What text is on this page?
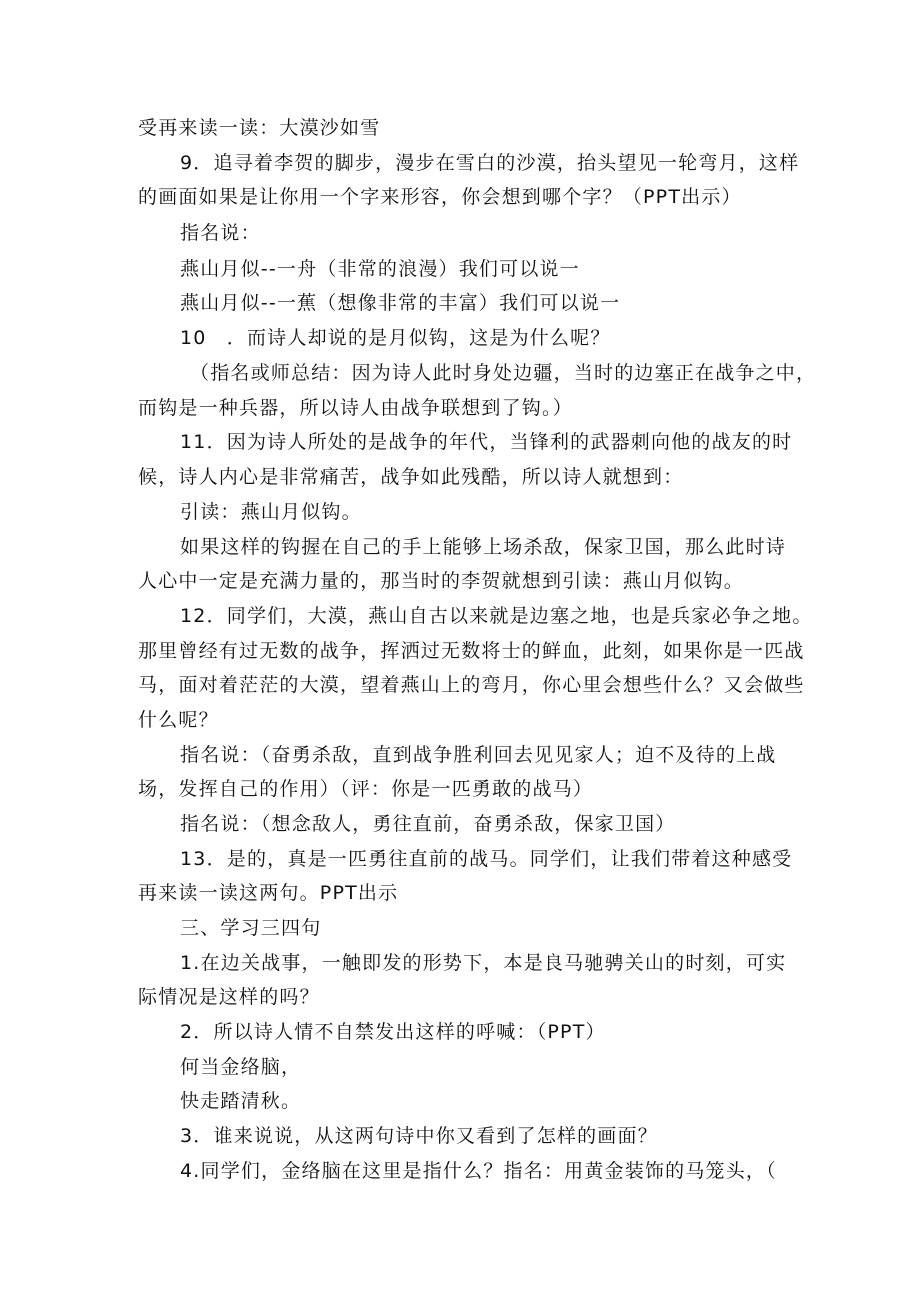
受再来读一读：大漠沙如雪
9．追寻着李贺的脚步，漫步在雪白的沙漠，抬头望见一轮弯月，这样
的画面如果是让你用一个字来形容，你会想到哪个字？（PPT出示）
指名说：
燕山月似--一舟（非常的浪漫）我们可以说一
燕山月似--一蕉（想像非常的丰富）我们可以说一
10　．而诗人却说的是月似钩，这是为什么呢？
（指名或师总结：因为诗人此时身处边疆，当时的边塞正在战争之中，
而钩是一种兵器，所以诗人由战争联想到了钩。）
11．因为诗人所处的是战争的年代，当锋利的武器刺向他的战友的时
候，诗人内心是非常痛苦，战争如此残酷，所以诗人就想到：
引读：燕山月似钩。
如果这样的钩握在自己的手上能够上场杀敌，保家卫国，那么此时诗
人心中一定是充满力量的，那当时的李贺就想到引读：燕山月似钩。
12．同学们，大漠，燕山自古以来就是边塞之地，也是兵家必争之地。
那里曾经有过无数的战争，挥洒过无数将士的鲜血，此刻，如果你是一匹战
马，面对着茫茫的大漠，望着燕山上的弯月，你心里会想些什么？又会做些
什么呢？
指名说：（奋勇杀敌，直到战争胜利回去见见家人；迫不及待的上战
场，发挥自己的作用）（评：你是一匹勇敢的战马）
指名说：（想念敌人，勇往直前，奋勇杀敌，保家卫国）
13．是的，真是一匹勇往直前的战马。同学们，让我们带着这种感受
再来读一读这两句。PPT出示
三、学习三四句
1.在边关战事，一触即发的形势下，本是良马驰骋关山的时刻，可实
际情况是这样的吗？
2．所以诗人情不自禁发出这样的呼喊：（PPT）
何当金络脑，
快走踏清秋。
3．谁来说说，从这两句诗中你又看到了怎样的画面？
4.同学们，金络脑在这里是指什么？指名：用黄金装饰的马笼头，（
